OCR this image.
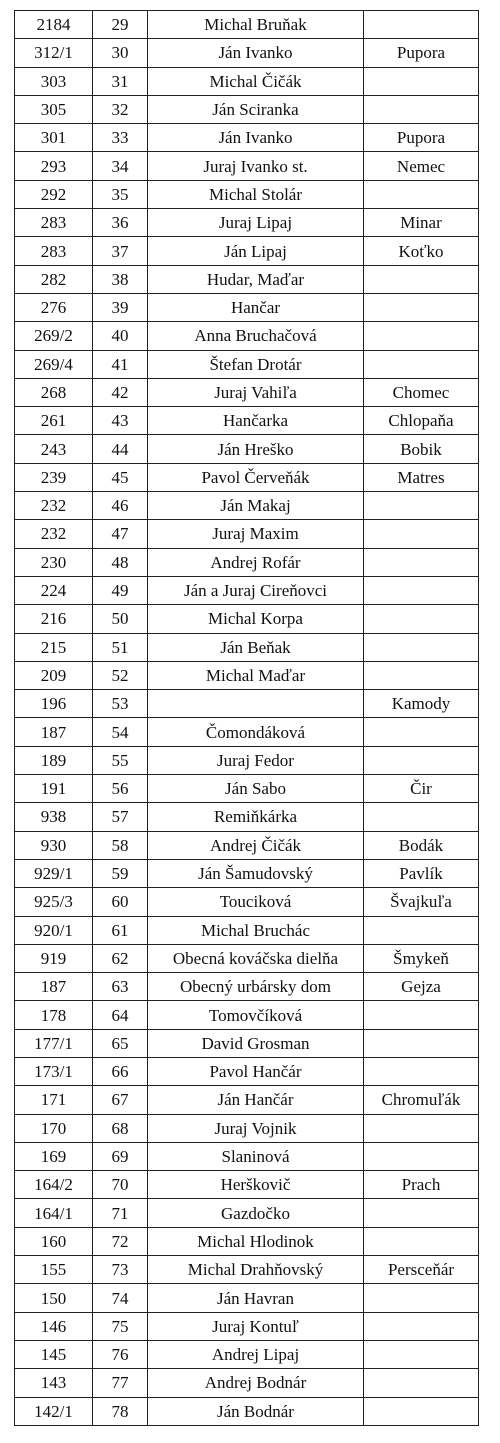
2184	29	Michal Bruňak	
312/1	30	Ján Ivanko	Pupora
303	31	Michal Čičák	
305	32	Ján Sciranka	
301	33	Ján Ivanko	Pupora
293	34	Juraj Ivanko st.	Nemec
292	35	Michal Stolár	
283	36	Juraj Lipaj	Minar
283	37	Ján Lipaj	Koťko
282	38	Hudar, Maďar	
276	39	Hančar	
269/2	40	Anna Bruchačová	
269/4	41	Štefan Drotár	
268	42	Juraj Vahiľa	Chomec
261	43	Hančarka	Chlopaňa
243	44	Ján Hreško	Bobik
239	45	Pavol Červeňák	Matres
232	46	Ján Makaj	
232	47	Juraj Maxim	
230	48	Andrej Rofár	
224	49	Ján a Juraj Cireňovci	
216	50	Michal Korpa	
215	51	Ján Beňak	
209	52	Michal Maďar	
196	53		Kamody
187	54	Čomondáková	
189	55	Juraj Fedor	
191	56	Ján Sabo	Čir
938	57	Remiňkárka	
930	58	Andrej Čičák	Bodák
929/1	59	Ján Šamudovský	Pavlík
925/3	60	Touciková	Švajkuľa
920/1	61	Michal Bruchác	
919	62	Obecná kováčska dielňa	Šmykeň
187	63	Obecný urbársky dom	Gejza
178	64	Tomovčíková	
177/1	65	David Grosman	
173/1	66	Pavol Hančár	
171	67	Ján Hančár	Chromuľák
170	68	Juraj Vojnik	
169	69	Slaninová	
164/2	70	Herškovič	Prach
164/1	71	Gazdočko	
160	72	Michal Hlodinok	
155	73	Michal Drahňovský	Persceňár
150	74	Ján Havran	
146	75	Juraj Kontuľ	
145	76	Andrej Lipaj	
143	77	Andrej Bodnár	
142/1	78	Ján Bodnár	
